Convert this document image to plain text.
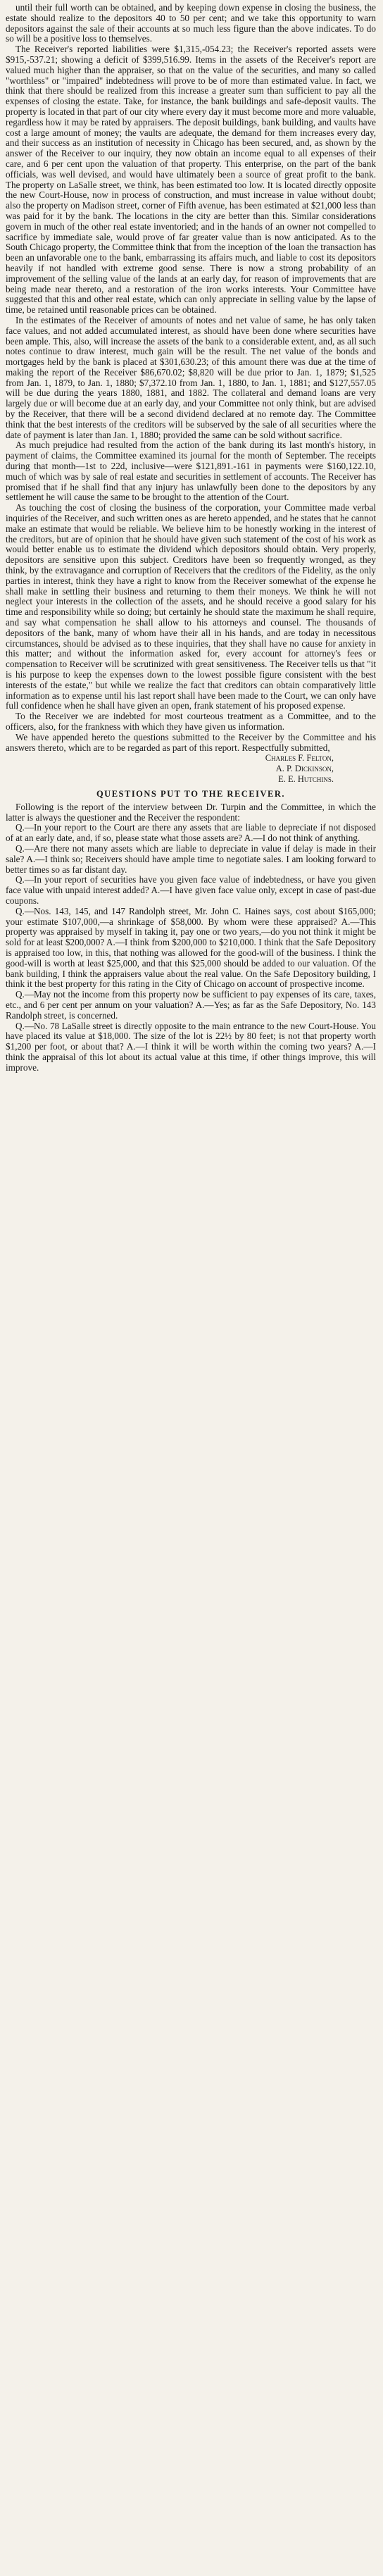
until their full worth can be obtained, and by keeping down expense in closing the business, the estate should realize to the depositors 40 to 50 per cent; and we take this opportunity to warn depositors against the sale of their accounts at so much less figure than the above indicates. To do so will be a positive loss to themselves.

The Receiver's reported liabilities were $1,315,-054.23; the Receiver's reported assets were $915,-537.21; showing a deficit of $399,516.99. Items in the assets of the Receiver's report are valued much higher than the appraiser, so that on the value of the securities, and many so called "worthless" or "impaired" indebtedness will prove to be of more than estimated value. In fact, we think that there should be realized from this increase a greater sum than sufficient to pay all the expenses of closing the estate. Take, for instance, the bank buildings and safe-deposit vaults. The property is located in that part of our city where every day it must become more and more valuable, regardless how it may be rated by appraisers. The deposit buildings, bank building, and vaults have cost a large amount of money; the vaults are adequate, the demand for them increases every day, and their success as an institution of necessity in Chicago has been secured, and, as shown by the answer of the Receiver to our inquiry, they now obtain an income equal to all expenses of their care, and 6 per cent upon the valuation of that property. This enterprise, on the part of the bank officials, was well devised, and would have ultimately been a source of great profit to the bank. The property on LaSalle street, we think, has been estimated too low. It is located directly opposite the new Court-House, now in process of construction, and must increase in value without doubt; also the property on Madison street, corner of Fifth avenue, has been estimated at $21,000 less than was paid for it by the bank. The locations in the city are better than this. Similar considerations govern in much of the other real estate inventoried; and in the hands of an owner not compelled to sacrifice by immediate sale, would prove of far greater value than is now anticipated. As to the South Chicago property, the Committee think that from the inception of the loan the transaction has been an unfavorable one to the bank, embarrassing its affairs much, and liable to cost its depositors heavily if not handled with extreme good sense. There is now a strong probability of an improvement of the selling value of the lands at an early day, for reason of improvements that are being made near thereto, and a restoration of the iron works interests. Your Committee have suggested that this and other real estate, which can only appreciate in selling value by the lapse of time, be retained until reasonable prices can be obtained.

In the estimates of the Receiver of amounts of notes and net value of same, he has only taken face values, and not added accumulated interest, as should have been done where securities have been ample. This, also, will increase the assets of the bank to a considerable extent, and, as all such notes continue to draw interest, much gain will be the result. The net value of the bonds and mortgages held by the bank is placed at $301,630.23; of this amount there was due at the time of making the report of the Receiver $86,670.02; $8,820 will be due prior to Jan. 1, 1879; $1,525 from Jan. 1, 1879, to Jan. 1, 1880; $7,372.10 from Jan. 1, 1880, to Jan. 1, 1881; and $127,557.05 will be due during the years 1880, 1881, and 1882. The collateral and demand loans are very largely due or will become due at an early day, and your Committee not only think, but are advised by the Receiver, that there will be a second dividend declared at no remote day. The Committee think that the best interests of the creditors will be subserved by the sale of all securities where the date of payment is later than Jan. 1, 1880; provided the same can be sold without sacrifice.

As much prejudice had resulted from the action of the bank during its last month's history, in payment of claims, the Committee examined its journal for the month of September. The receipts during that month—1st to 22d, inclusive—were $121,891.-161 in payments were $160,122.10, much of which was by sale of real estate and securities in settlement of accounts. The Receiver has promised that if he shall find that any injury has unlawfully been done to the depositors by any settlement he will cause the same to be brought to the attention of the Court.

As touching the cost of closing the business of the corporation, your Committee made verbal inquiries of the Receiver, and such written ones as are hereto appended, and he states that he cannot make an estimate that would be reliable. We believe him to be honestly working in the interest of the creditors, but are of opinion that he should have given such statement of the cost of his work as would better enable us to estimate the dividend which depositors should obtain. Very properly, depositors are sensitive upon this subject. Creditors have been so frequently wronged, as they think, by the extravagance and corruption of Receivers that the creditors of the Fidelity, as the only parties in interest, think they have a right to know from the Receiver somewhat of the expense he shall make in settling their business and returning to them their moneys. We think he will not neglect your interests in the collection of the assets, and he should receive a good salary for his time and responsibility while so doing; but certainly he should state the maximum he shall require, and say what compensation he shall allow to his attorneys and counsel. The thousands of depositors of the bank, many of whom have their all in his hands, and are today in necessitous circumstances, should be advised as to these inquiries, that they shall have no cause for anxiety in this matter; and without the information asked for, every account for attorney's fees or compensation to Receiver will be scrutinized with great sensitiveness. The Receiver tells us that "it is his purpose to keep the expenses down to the lowest possible figure consistent with the best interests of the estate," but while we realize the fact that creditors can obtain comparatively little information as to expense until his last report shall have been made to the Court, we can only have full confidence when he shall have given an open, frank statement of his proposed expense.

To the Receiver we are indebted for most courteous treatment as a Committee, and to the officers, also, for the frankness with which they have given us information.

We have appended hereto the questions submitted to the Receiver by the Committee and his answers thereto, which are to be regarded as part of this report. Respectfully submitted,

Charles F. Felton,

A. P. Dickinson,

E. E. Hutchins.

QUESTIONS PUT TO THE RECEIVER.

Following is the report of the interview between Dr. Turpin and the Committee, in which the latter is always the questioner and the Receiver the respondent:

Q.—In your report to the Court are there any assets that are liable to depreciate if not disposed of at an early date, and, if so, please state what those assets are? A.—I do not think of anything.

Q.—Are there not many assets which are liable to depreciate in value if delay is made in their sale? A.—I think so; Receivers should have ample time to negotiate sales. I am looking forward to better times so as far distant day.

Q.—In your report of securities have you given face value of indebtedness, or have you given face value with unpaid interest added? A.—I have given face value only, except in case of past-due coupons.

Q.—Nos. 143, 145, and 147 Randolph street, Mr. John C. Haines says, cost about $165,000; your estimate $107,000,—a shrinkage of $58,000. By whom were these appraised? A.—This property was appraised by myself in taking it, pay one or two years,—do you not think it might be sold for at least $200,000? A.—I think from $200,000 to $210,000. I think that the Safe Depository is appraised too low, in this, that nothing was allowed for the good-will of the business. I think the good-will is worth at least $25,000, and that this $25,000 should be added to our valuation. Of the bank building, I think the appraisers value about the real value. On the Safe Depository building, I think it the best property for this rating in the City of Chicago on account of prospective income.

Q.—May not the income from this property now be sufficient to pay expenses of its care, taxes, etc., and 6 per cent per annum on your valuation? A.—Yes; as far as the Safe Depository, No. 143 Randolph street, is concerned.

Q.—No. 78 LaSalle street is directly opposite to the main entrance to the new Court-House. You have placed its value at $18,000. The size of the lot is 22½ by 80 feet; is not that property worth $1,200 per foot, or about that? A.—I think it will be worth within the coming two years? A.—I think the appraisal of this lot about its actual value at this time, if other things improve, this will improve.
